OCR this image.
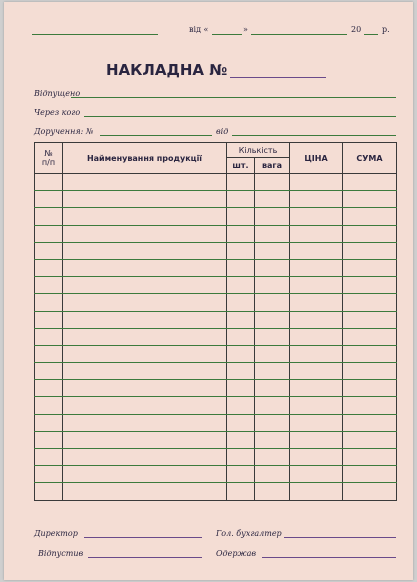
від «	»	20	р.
НАКЛАДНА №
Відпущено
Через кого
Доручення: №	від
№
п/п	Найменування продукції	Кількість		ЦІНА	СУМА
		шт.	вага		

Директор	Гол. бухгалтер
Відпустив	Одержав
